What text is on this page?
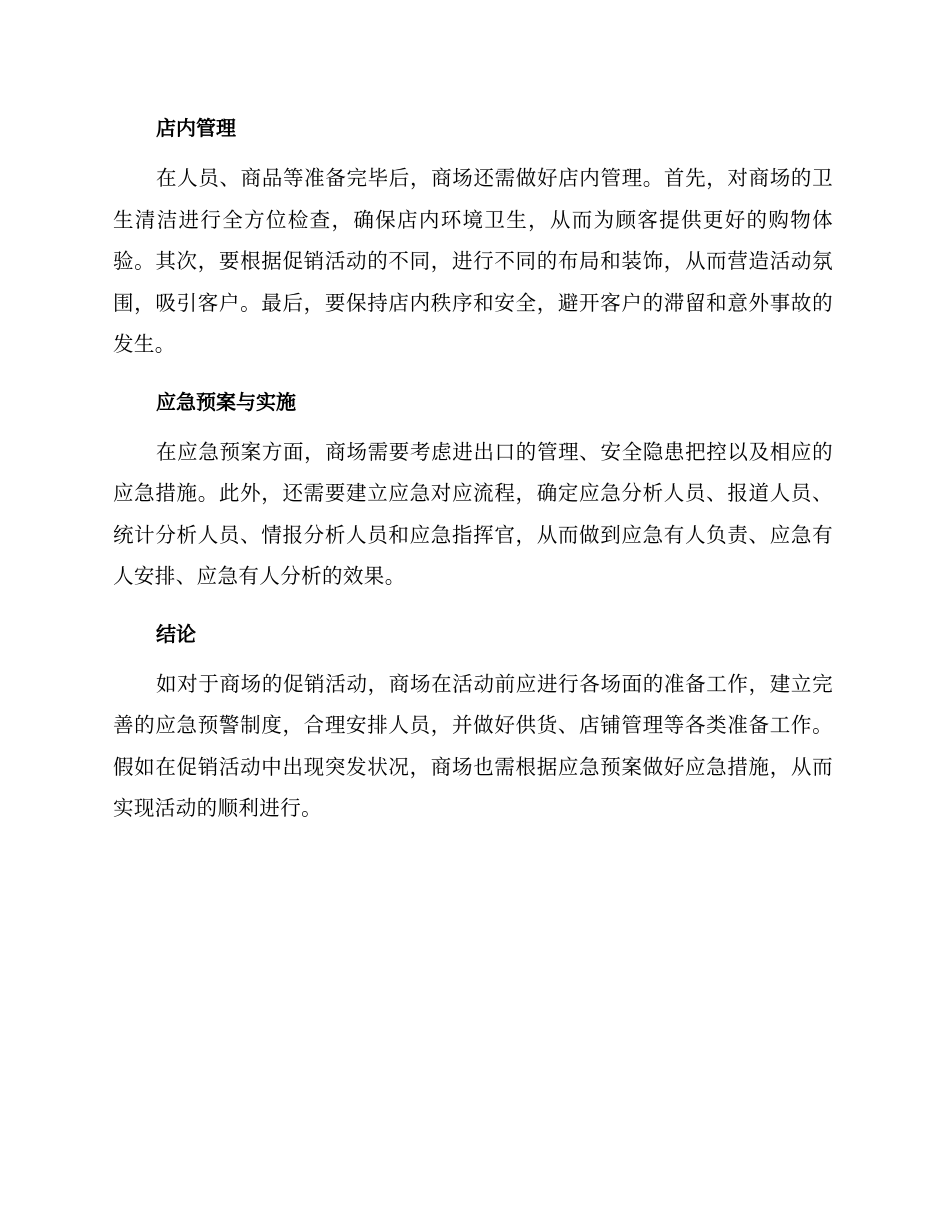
店内管理

在人员、商品等准备完毕后，商场还需做好店内管理。首先，对商场的卫生清洁进行全方位检查，确保店内环境卫生，从而为顾客提供更好的购物体验。其次，要根据促销活动的不同，进行不同的布局和装饰，从而营造活动氛围，吸引客户。最后，要保持店内秩序和安全，避开客户的滞留和意外事故的发生。

应急预案与实施

在应急预案方面，商场需要考虑进出口的管理、安全隐患把控以及相应的应急措施。此外，还需要建立应急对应流程，确定应急分析人员、报道人员、统计分析人员、情报分析人员和应急指挥官，从而做到应急有人负责、应急有人安排、应急有人分析的效果。

结论

如对于商场的促销活动，商场在活动前应进行各场面的准备工作，建立完善的应急预警制度，合理安排人员，并做好供货、店铺管理等各类准备工作。假如在促销活动中出现突发状况，商场也需根据应急预案做好应急措施，从而实现活动的顺利进行。
